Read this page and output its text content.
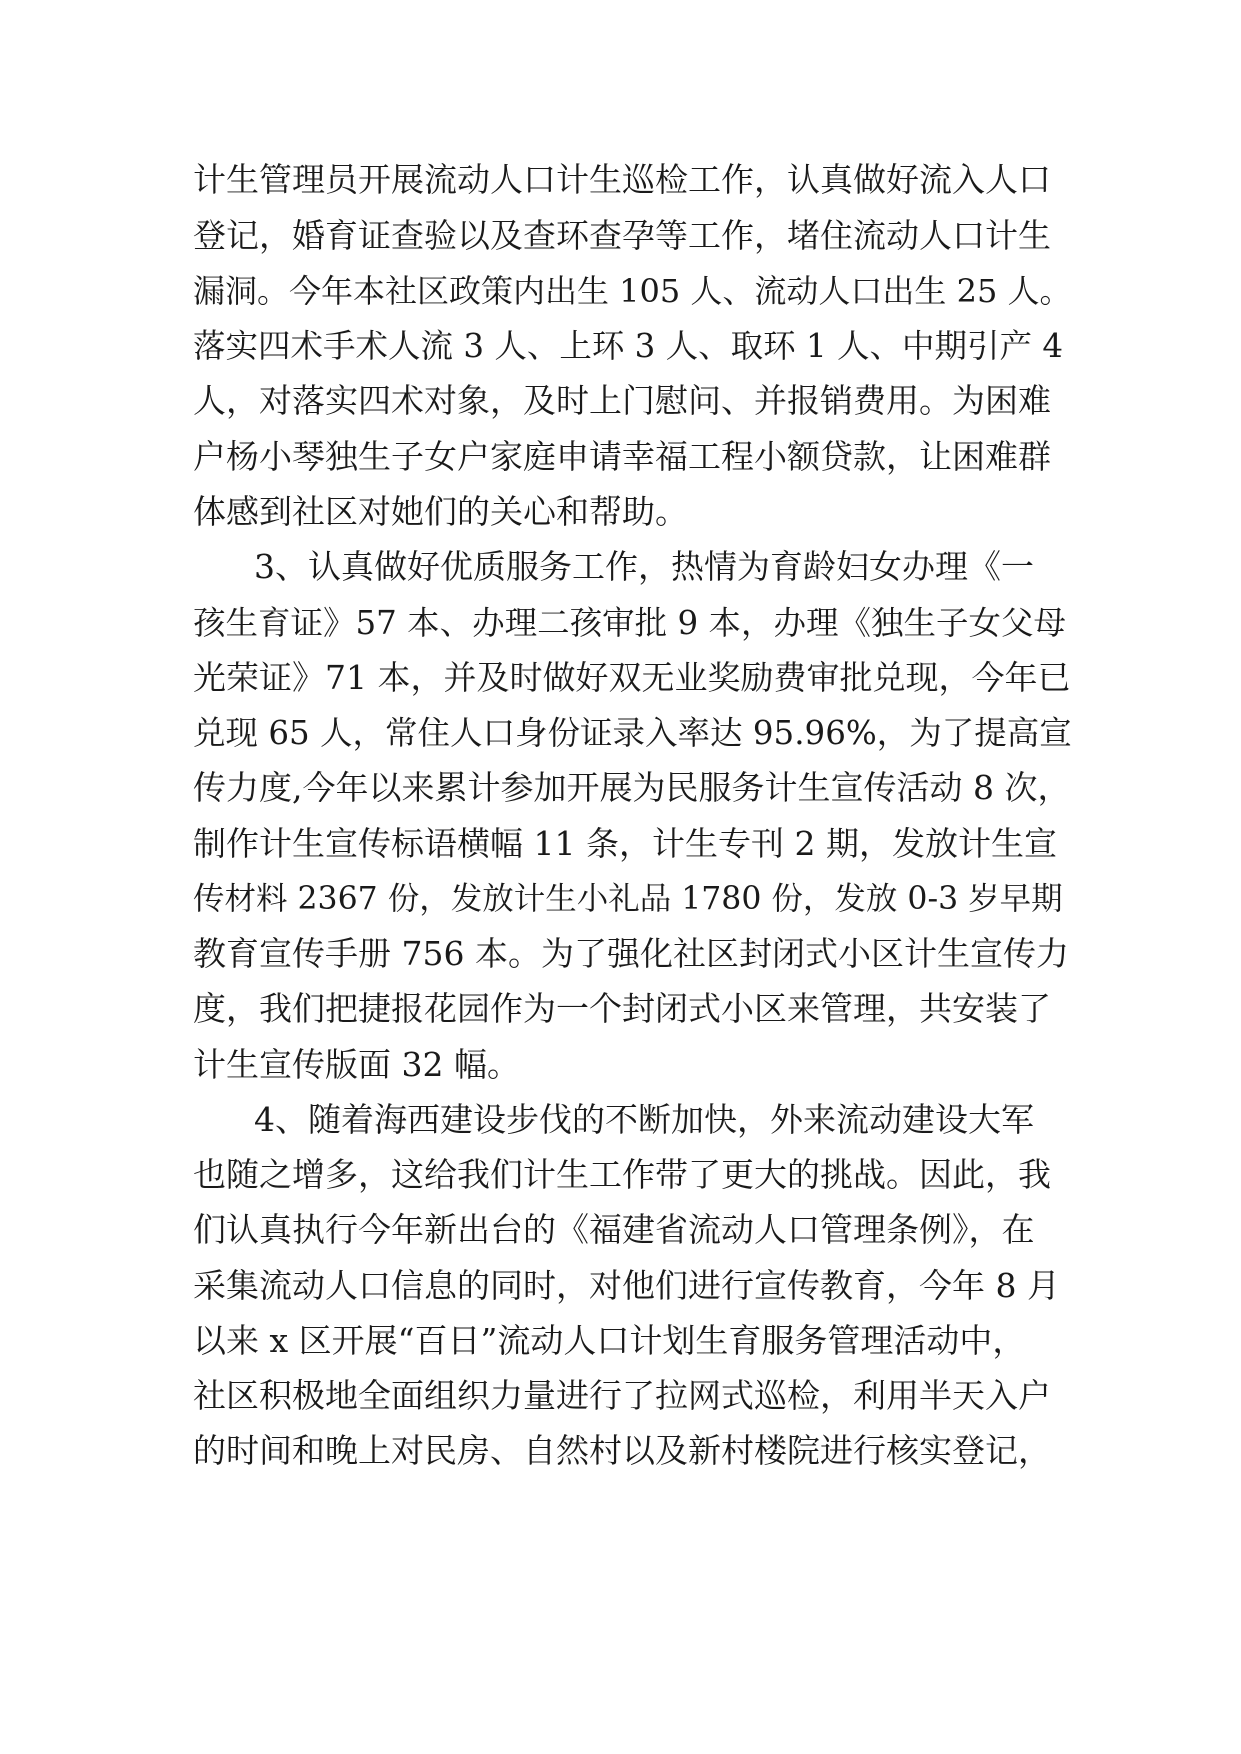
计生管理员开展流动人口计生巡检工作，认真做好流入人口
登记，婚育证查验以及查环查孕等工作，堵住流动人口计生
漏洞。今年本社区政策内出生 105 人、流动人口出生 25 人。
落实四术手术人流 3 人、上环 3 人、取环 1 人、中期引产 4
人，对落实四术对象，及时上门慰问、并报销费用。为困难
户杨小琴独生子女户家庭申请幸福工程小额贷款，让困难群
体感到社区对她们的关心和帮助。
3、认真做好优质服务工作，热情为育龄妇女办理《一
孩生育证》57 本、办理二孩审批 9 本，办理《独生子女父母
光荣证》71 本，并及时做好双无业奖励费审批兑现，今年已
兑现 65 人，常住人口身份证录入率达 95.96%，为了提高宣
传力度,今年以来累计参加开展为民服务计生宣传活动 8 次，
制作计生宣传标语横幅 11 条，计生专刊 2 期，发放计生宣
传材料 2367 份，发放计生小礼品 1780 份，发放 0-3 岁早期
教育宣传手册 756 本。为了强化社区封闭式小区计生宣传力
度，我们把捷报花园作为一个封闭式小区来管理，共安装了
计生宣传版面 32 幅。
4、随着海西建设步伐的不断加快，外来流动建设大军
也随之增多，这给我们计生工作带了更大的挑战。因此，我
们认真执行今年新出台的《福建省流动人口管理条例》，在
采集流动人口信息的同时，对他们进行宣传教育，今年 8 月
以来 x 区开展“百日”流动人口计划生育服务管理活动中，
社区积极地全面组织力量进行了拉网式巡检，利用半天入户
的时间和晚上对民房、自然村以及新村楼院进行核实登记，
